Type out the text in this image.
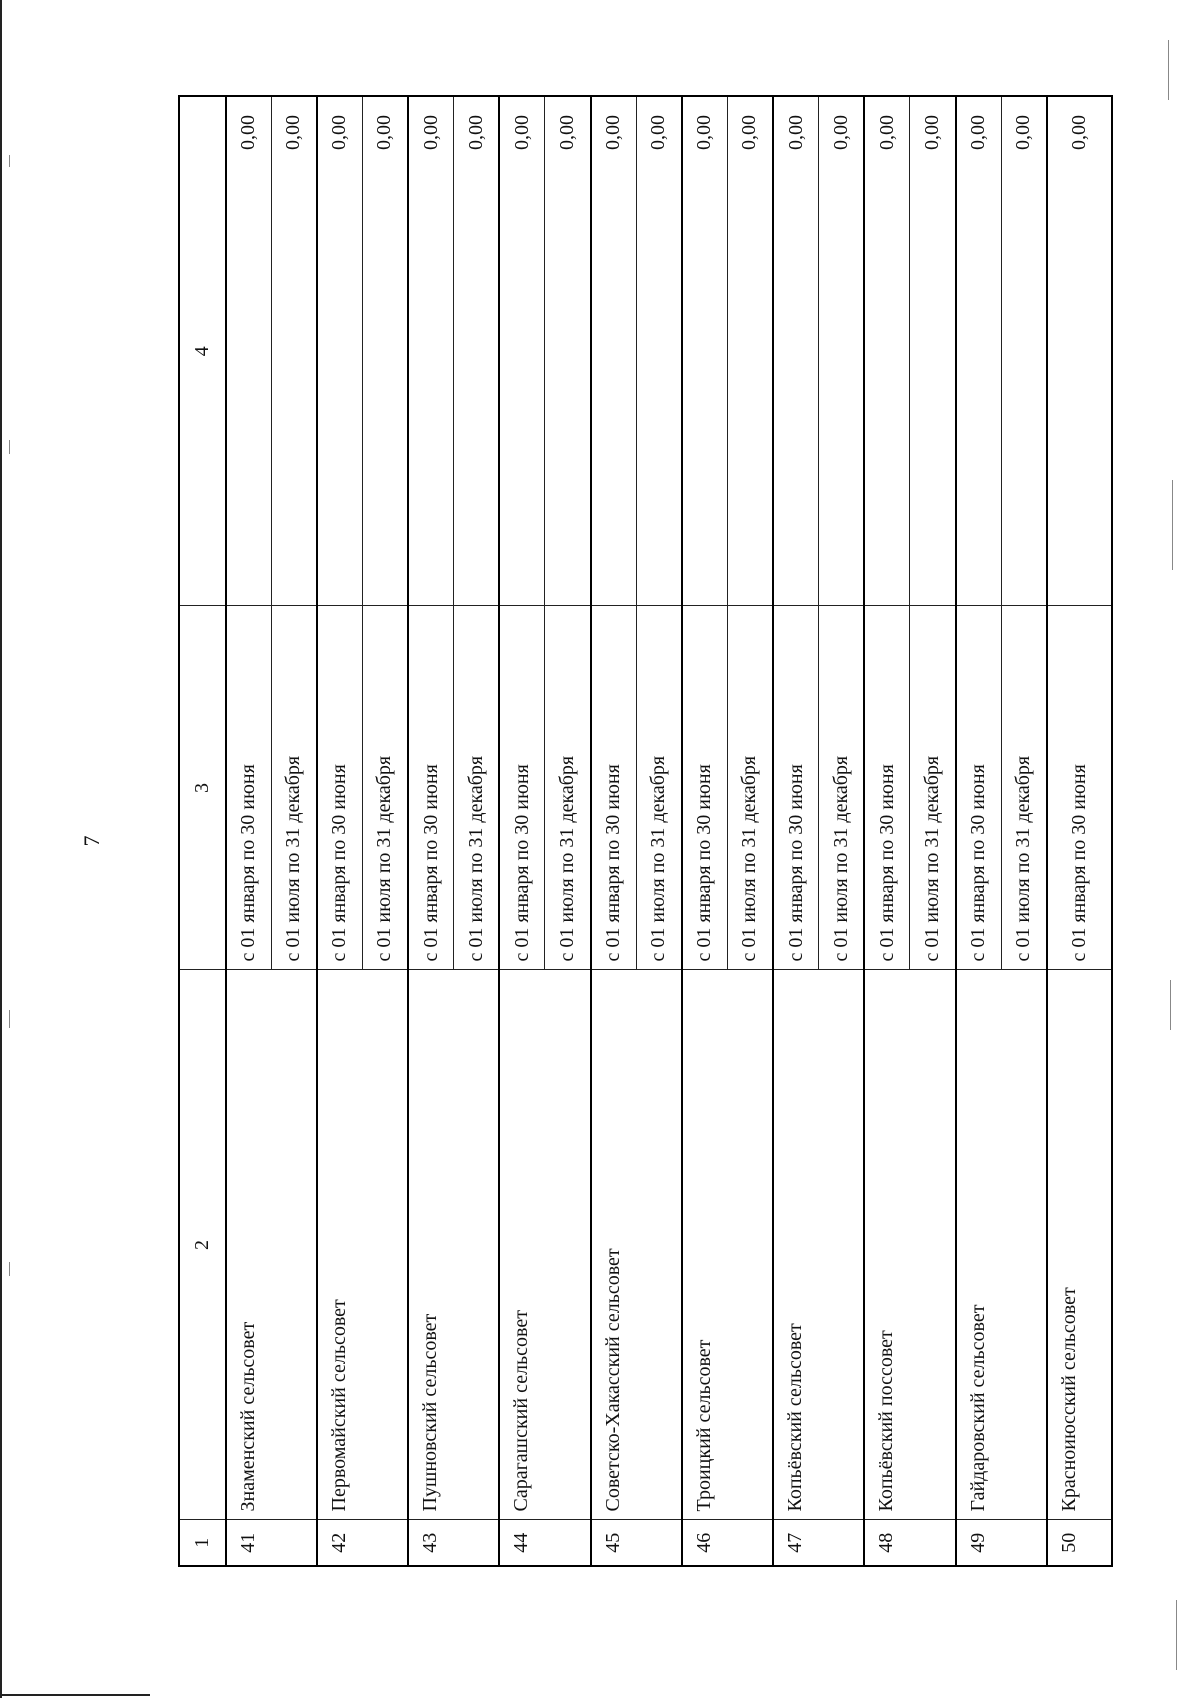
7
1	2	3	4
41	Знаменский сельсовет	с 01 января по 30 июня	0,00
		с 01 июля по 31 декабря	0,00
42	Первомайский сельсовет	с 01 января по 30 июня	0,00
		с 01 июля по 31 декабря	0,00
43	Пушновский сельсовет	с 01 января по 30 июня	0,00
		с 01 июля по 31 декабря	0,00
44	Сарагашский сельсовет	с 01 января по 30 июня	0,00
		с 01 июля по 31 декабря	0,00
45	Советско-Хакасский сельсовет	с 01 января по 30 июня	0,00
		с 01 июля по 31 декабря	0,00
46	Троицкий сельсовет	с 01 января по 30 июня	0,00
		с 01 июля по 31 декабря	0,00
47	Копьёвский сельсовет	с 01 января по 30 июня	0,00
		с 01 июля по 31 декабря	0,00
48	Копьёвский поссовет	с 01 января по 30 июня	0,00
		с 01 июля по 31 декабря	0,00
49	Гайдаровский сельсовет	с 01 января по 30 июня	0,00
		с 01 июля по 31 декабря	0,00
50	Красноиюсский сельсовет	с 01 января по 30 июня	0,00
